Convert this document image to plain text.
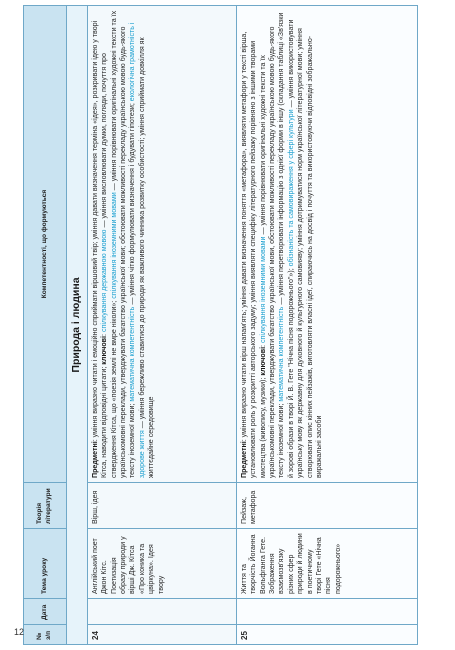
№ з/п
Дата
Тема уроку
Теорія літератури
Компетентності, що формуються
Природа і людина
24
Англійський поет Джон Кітс. Поетизація образу природи у вірші Дж. Кітса «Про коника та цвіркуна». Ідея твору
Вірш, ідея
Предметні: уміння виразно читати і емоційно сприймати віршовий твір; уміння давати визначення терміна «ідея», розкривати ідею у творі Кітса, наводити відповідні цитати; ключові: спілкування державною мовою — уміння висловлювати думки, погляди, почуття про ствердження Кітса, що «поезія землі не вмре ніколи»; спілкування іноземними мовами — уміння порівнювати оригінальні художні тексти та їх українськомовні переклади, утверджувати багатство української мови; обстоювати можливості перекладу українською мовою будь-якого тексту іноземної мови; математична компетентність — уміння чітко формулювати визначення і будувати гіпотези; екологічна грамотність і здорове життя — уміння бережливо ставитися до природи як важливого чинника розвитку особистості; уміння сприймати довкілля як життєдайне середовище
25
Життя та творчість Йоганна Вольфганга Гете. Зображення взаємозв'язку різних сфер природи й людини в поетичному творі Гете «Нічна пісня подорожнього»
Пейзаж, метафора
Предметні: уміння виразно читати вірш напам'ять; уміння давати визначення поняття «метафора», виявляти метафори у тексті вірша, установлювати роль у розкритті авторського задуму; уміння виявляти специфіку літературного пейзажу порівняно з іншими творами мистецтва (живопису, музики); ключові: спілкування іноземними мовами — уміння порівнювати оригінальні художні тексти та їх українськомовні переклади, утверджувати багатство української мови, обстоювати можливості перекладу українською мовою будь-якого тексту іноземної мови; математична компетентність — уміння перетворювати інформацію з однієї форми в іншу (складання таблиці «Зв'язки й зорові образи в творі Й. В. Гете "Нічна пісня подорожнього"»); обізнаність та самовираження у сфері культури — уміння використовувати українську мову як державну для духовного й культурного самовияву; уміння дотримуватися норм української літературної мови; уміння створювати опис кінних пейзажів, виготовляти власні ідеї, спираючись на досвід і почуття та використовуючи відповідні зображально-виражальні засоби
12
